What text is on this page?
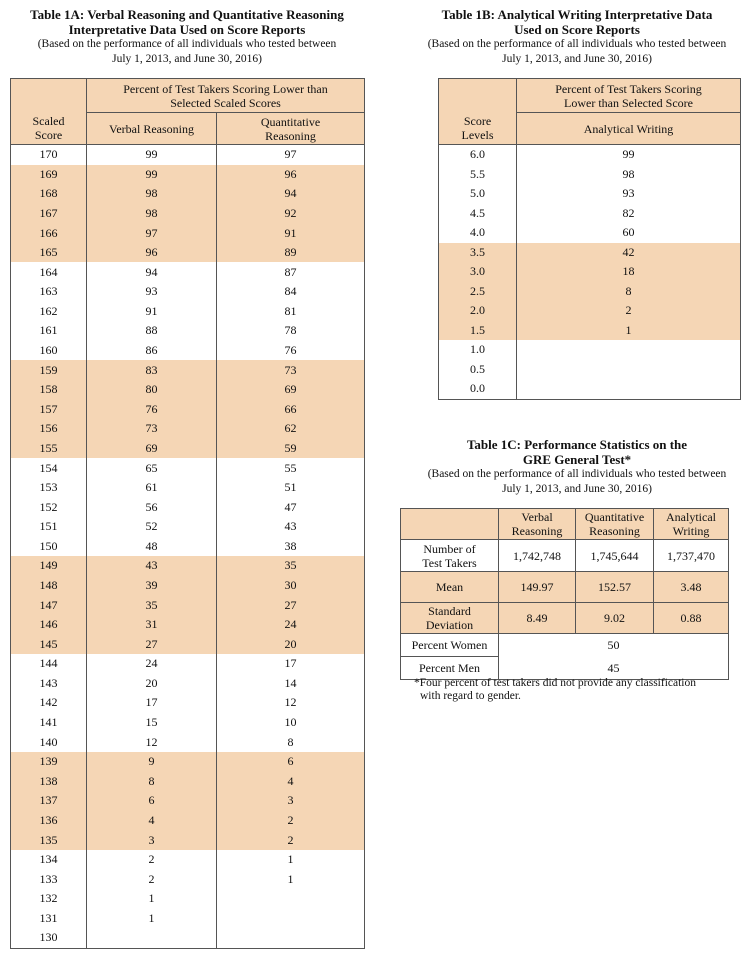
Table 1A: Verbal Reasoning and Quantitative Reasoning
Interpretative Data Used on Score Reports
(Based on the performance of all individuals who tested between
July 1, 2013, and June 30, 2016)
	Percent of Test Takers Scoring Lower than
Selected Scaled Scores	
Scaled
Score	Verbal Reasoning	Quantitative
Reasoning
170	99	97
169	99	96
168	98	94
167	98	92
166	97	91
165	96	89
164	94	87
163	93	84
162	91	81
161	88	78
160	86	76
159	83	73
158	80	69
157	76	66
156	73	62
155	69	59
154	65	55
153	61	51
152	56	47
151	52	43
150	48	38
149	43	35
148	39	30
147	35	27
146	31	24
145	27	20
144	24	17
143	20	14
142	17	12
141	15	10
140	12	8
139	9	6
138	8	4
137	6	3
136	4	2
135	3	2
134	2	1
133	2	1
132	1	
131	1	
130		
Table 1B: Analytical Writing Interpretative Data
Used on Score Reports
(Based on the performance of all individuals who tested between
July 1, 2013, and June 30, 2016)
	Percent of Test Takers Scoring
Lower than Selected Score
Score
Levels	Analytical Writing
6.0	99
5.5	98
5.0	93
4.5	82
4.0	60
3.5	42
3.0	18
2.5	8
2.0	2
1.5	1
1.0	
0.5	
0.0	
Table 1C: Performance Statistics on the
GRE General Test*
(Based on the performance of all individuals who tested between
July 1, 2013, and June 30, 2016)
	Verbal
Reasoning	Quantitative
Reasoning	Analytical
Writing
Number of
Test Takers	1,742,748	1,745,644	1,737,470
Mean	149.97	152.57	3.48
Standard
Deviation	8.49	9.02	0.88
Percent Women	50		
Percent Men	45		
*Four percent of test takers did not provide any classification
with regard to gender.
